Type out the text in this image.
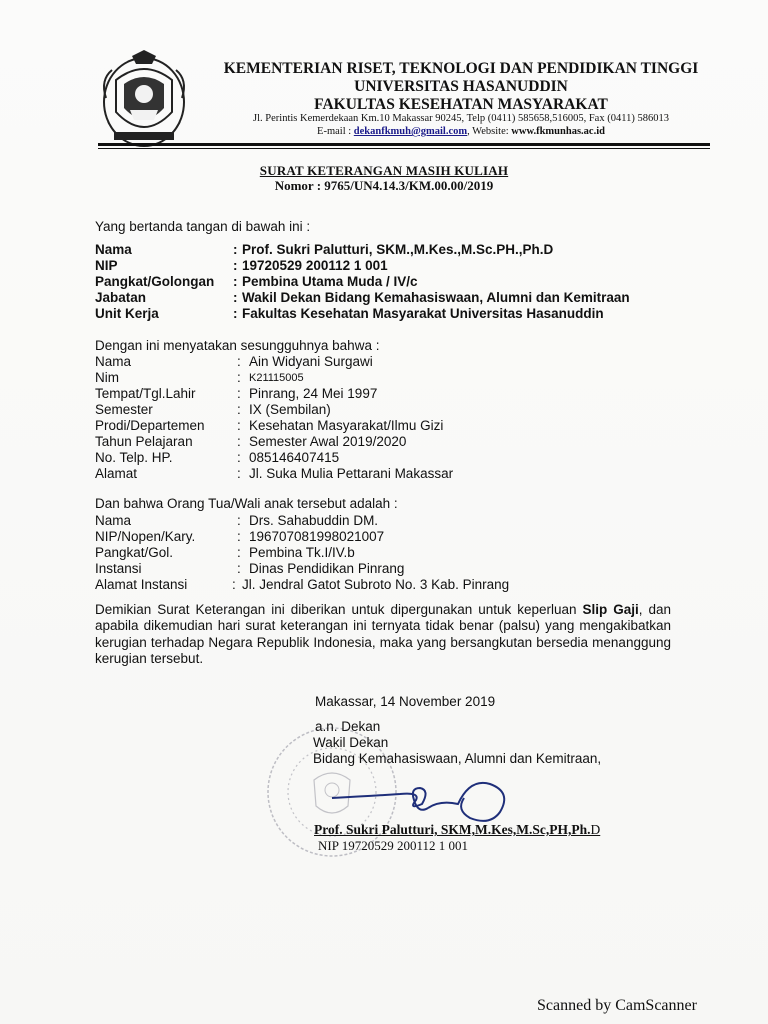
KEMENTERIAN RISET, TEKNOLOGI DAN PENDIDIKAN TINGGI
UNIVERSITAS HASANUDDIN
FAKULTAS KESEHATAN MASYARAKAT
Jl. Perintis Kemerdekaan Km.10 Makassar 90245, Telp (0411) 585658,516005, Fax (0411) 586013
E-mail : dekanfkmuh@gmail.com, Website: www.fkmunhas.ac.id
SURAT KETERANGAN MASIH KULIAH
Nomor : 9765/UN4.14.3/KM.00.00/2019
Yang bertanda tangan di bawah ini :
Nama	: Prof. Sukri Palutturi, SKM.,M.Kes.,M.Sc.PH.,Ph.D
NIP	: 19720529 200112 1 001
Pangkat/Golongan : Pembina Utama Muda / IV/c
Jabatan	: Wakil Dekan Bidang Kemahasiswaan, Alumni dan Kemitraan
Unit Kerja	: Fakultas Kesehatan Masyarakat Universitas Hasanuddin
Dengan ini menyatakan sesungguhnya bahwa :
Nama	: Ain Widyani Surgawi
Nim	: K21115005
Tempat/Tgl.Lahir	: Pinrang, 24 Mei 1997
Semester	: IX (Sembilan)
Prodi/Departemen : Kesehatan Masyarakat/Ilmu Gizi
Tahun Pelajaran	: Semester Awal 2019/2020
No. Telp. HP.	: 085146407415
Alamat	: Jl. Suka Mulia Pettarani Makassar
Dan bahwa Orang Tua/Wali anak tersebut adalah :
Nama	: Drs. Sahabuddin DM.
NIP/Nopen/Kary.	: 196707081998021007
Pangkat/Gol.	: Pembina Tk.I/IV.b
Instansi	: Dinas Pendidikan Pinrang
Alamat Instansi	: Jl. Jendral Gatot Subroto No. 3 Kab. Pinrang
Demikian Surat Keterangan ini diberikan untuk dipergunakan untuk keperluan Slip Gaji, dan apabila dikemudian hari surat keterangan ini ternyata tidak benar (palsu) yang mengakibatkan kerugian terhadap Negara Republik Indonesia, maka yang bersangkutan bersedia menanggung kerugian tersebut.
Makassar, 14 November 2019
a.n. Dekan
Wakil Dekan
Bidang Kemahasiswaan, Alumni dan Kemitraan,
Prof. Sukri Palutturi, SKM,M.Kes,M.Sc,PH,Ph.D
NIP 19720529 200112 1 001
Scanned by CamScanner
